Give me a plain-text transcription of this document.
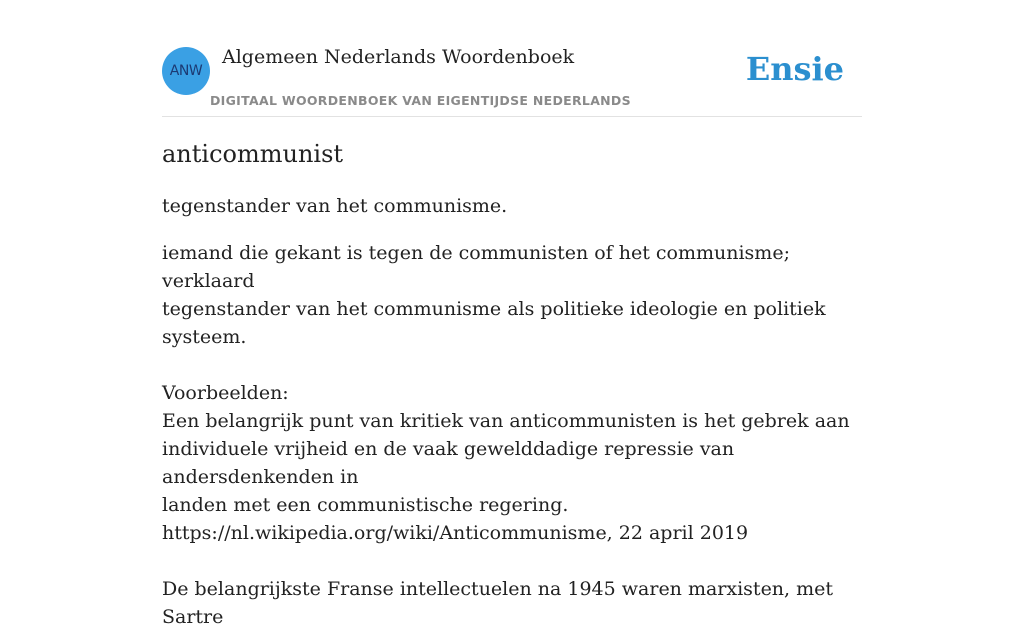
ANW
Algemeen Nederlands Woordenboek
DIGITAAL WOORDENBOEK VAN EIGENTIJDSE NEDERLANDS
Ensie
anticommunist

tegenstander van het communisme.

iemand die gekant is tegen de communisten of het communisme; verklaard

tegenstander van het communisme als politieke ideologie en politiek systeem.

Voorbeelden:

Een belangrijk punt van kritiek van anticommunisten is het gebrek aan

individuele vrijheid en de vaak gewelddadige repressie van andersdenkenden in

landen met een communistische regering.

https://nl.wikipedia.org/wiki/Anticommunisme, 22 april 2019

De belangrijkste Franse intellectuelen na 1945 waren marxisten, met Sartre
